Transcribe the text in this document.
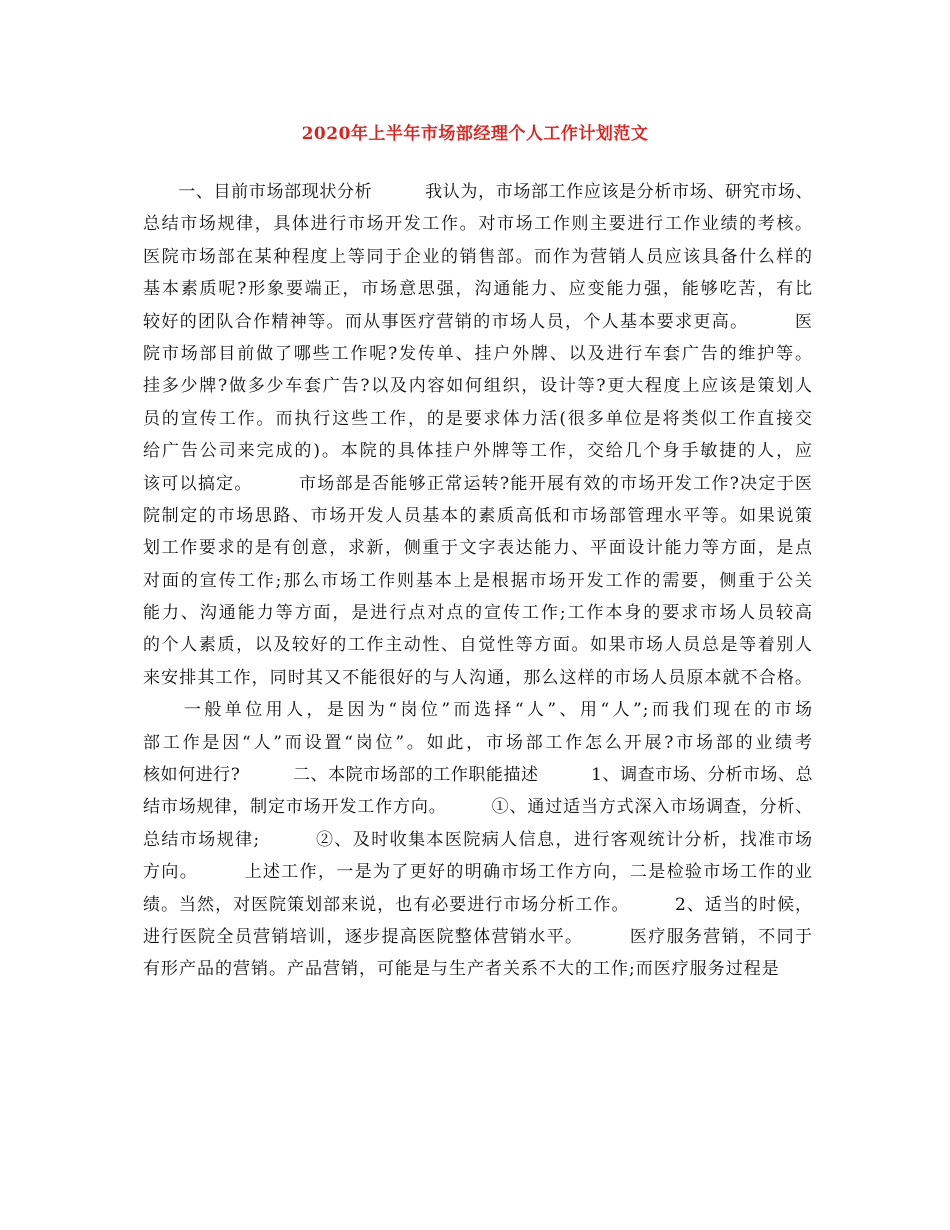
2020年上半年市场部经理个人工作计划范文
　　一、目前市场部现状分析　　　我认为，市场部工作应该是分析市场、研究市场、
总结市场规律，具体进行市场开发工作。对市场工作则主要进行工作业绩的考核。
医院市场部在某种程度上等同于企业的销售部。而作为营销人员应该具备什么样的
基本素质呢?形象要端正，市场意思强，沟通能力、应变能力强，能够吃苦，有比
较好的团队合作精神等。而从事医疗营销的市场人员，个人基本要求更高。　　　医
院市场部目前做了哪些工作呢?发传单、挂户外牌、以及进行车套广告的维护等。
挂多少牌?做多少车套广告?以及内容如何组织，设计等?更大程度上应该是策划人
员的宣传工作。而执行这些工作，的是要求体力活(很多单位是将类似工作直接交
给广告公司来完成的)。本院的具体挂户外牌等工作，交给几个身手敏捷的人，应
该可以搞定。　　　市场部是否能够正常运转?能开展有效的市场开发工作?决定于医
院制定的市场思路、市场开发人员基本的素质高低和市场部管理水平等。如果说策
划工作要求的是有创意，求新，侧重于文字表达能力、平面设计能力等方面，是点
对面的宣传工作;那么市场工作则基本上是根据市场开发工作的需要，侧重于公关
能力、沟通能力等方面，是进行点对点的宣传工作;工作本身的要求市场人员较高
的个人素质，以及较好的工作主动性、自觉性等方面。如果市场人员总是等着别人
来安排其工作，同时其又不能很好的与人沟通，那么这样的市场人员原本就不合格。
　　一般单位用人，是因为“岗位”而选择“人”、用“人”;而我们现在的市场
部工作是因“人”而设置“岗位”。如此，市场部工作怎么开展?市场部的业绩考
核如何进行?　　　二、本院市场部的工作职能描述　　　1、调查市场、分析市场、总
结市场规律，制定市场开发工作方向。　　　①、通过适当方式深入市场调查，分析、
总结市场规律;　　　②、及时收集本医院病人信息，进行客观统计分析，找准市场
方向。　　　上述工作，一是为了更好的明确市场工作方向，二是检验市场工作的业
绩。当然，对医院策划部来说，也有必要进行市场分析工作。　　　2、适当的时候，
进行医院全员营销培训，逐步提高医院整体营销水平。　　　医疗服务营销，不同于
有形产品的营销。产品营销，可能是与生产者关系不大的工作;而医疗服务过程是
